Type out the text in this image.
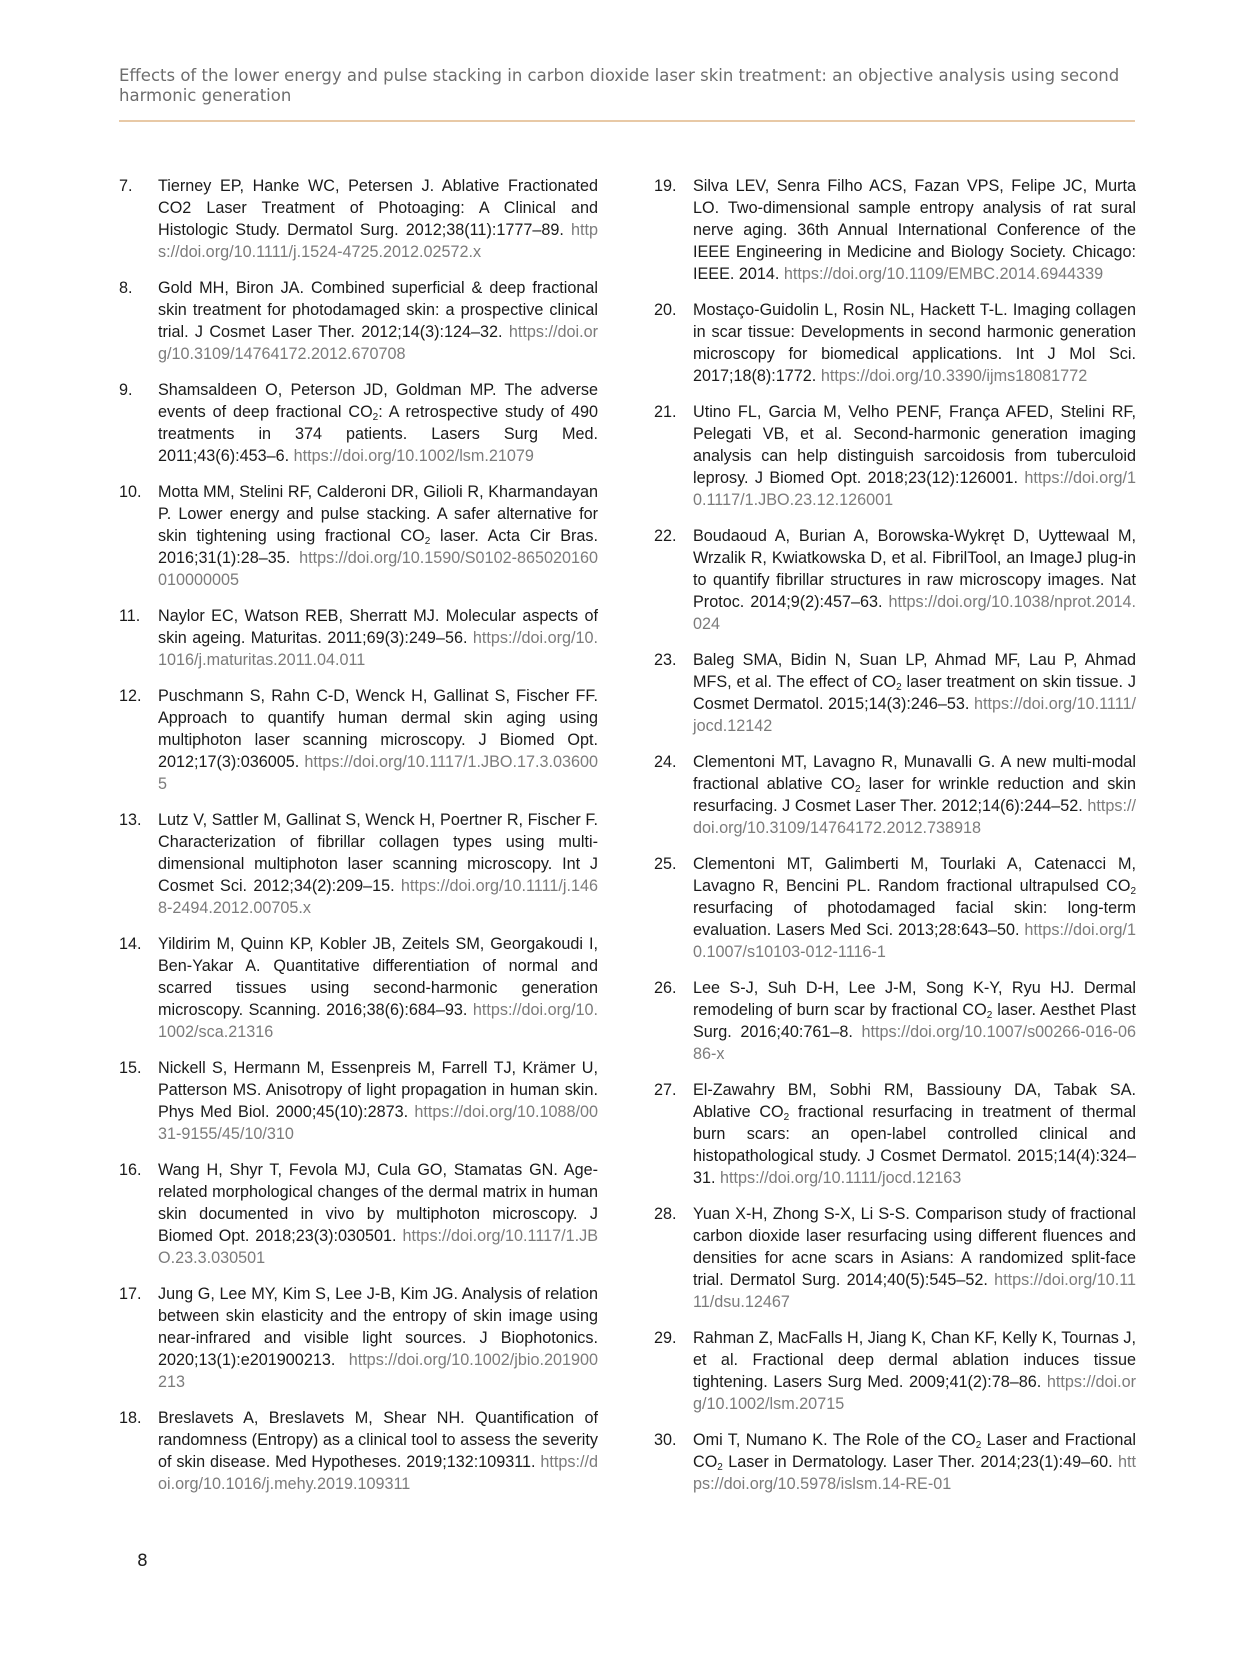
Effects of the lower energy and pulse stacking in carbon dioxide laser skin treatment: an objective analysis using second harmonic generation
7. Tierney EP, Hanke WC, Petersen J. Ablative Fractionated CO2 Laser Treatment of Photoaging: A Clinical and Histologic Study. Dermatol Surg. 2012;38(11):1777–89. https://doi.org/10.1111/j.1524-4725.2012.02572.x
8. Gold MH, Biron JA. Combined superficial & deep fractional skin treatment for photodamaged skin: a prospective clinical trial. J Cosmet Laser Ther. 2012;14(3):124–32. https://doi.org/10.3109/14764172.2012.670708
9. Shamsaldeen O, Peterson JD, Goldman MP. The adverse events of deep fractional $CO_2$: A retrospective study of 490 treatments in 374 patients. Lasers Surg Med. 2011;43(6):453–6. https://doi.org/10.1002/lsm.21079
10. Motta MM, Stelini RF, Calderoni DR, Gilioli R, Kharmandayan P. Lower energy and pulse stacking. A safer alternative for skin tightening using fractional $CO_2$ laser. Acta Cir Bras. 2016;31(1):28–35. https://doi.org/10.1590/S0102-865020160010000005
11. Naylor EC, Watson REB, Sherratt MJ. Molecular aspects of skin ageing. Maturitas. 2011;69(3):249–56. https://doi.org/10.1016/j.maturitas.2011.04.011
12. Puschmann S, Rahn C-D, Wenck H, Gallinat S, Fischer FF. Approach to quantify human dermal skin aging using multiphoton laser scanning microscopy. J Biomed Opt. 2012;17(3):036005. https://doi.org/10.1117/1.JBO.17.3.036005
13. Lutz V, Sattler M, Gallinat S, Wenck H, Poertner R, Fischer F. Characterization of fibrillar collagen types using multi-dimensional multiphoton laser scanning microscopy. Int J Cosmet Sci. 2012;34(2):209–15. https://doi.org/10.1111/j.1468-2494.2012.00705.x
14. Yildirim M, Quinn KP, Kobler JB, Zeitels SM, Georgakoudi I, Ben-Yakar A. Quantitative differentiation of normal and scarred tissues using second-harmonic generation microscopy. Scanning. 2016;38(6):684–93. https://doi.org/10.1002/sca.21316
15. Nickell S, Hermann M, Essenpreis M, Farrell TJ, Krämer U, Patterson MS. Anisotropy of light propagation in human skin. Phys Med Biol. 2000;45(10):2873. https://doi.org/10.1088/0031-9155/45/10/310
16. Wang H, Shyr T, Fevola MJ, Cula GO, Stamatas GN. Age-related morphological changes of the dermal matrix in human skin documented in vivo by multiphoton microscopy. J Biomed Opt. 2018;23(3):030501. https://doi.org/10.1117/1.JBO.23.3.030501
17. Jung G, Lee MY, Kim S, Lee J-B, Kim JG. Analysis of relation between skin elasticity and the entropy of skin image using near-infrared and visible light sources. J Biophotonics. 2020;13(1):e201900213. https://doi.org/10.1002/jbio.201900213
18. Breslavets A, Breslavets M, Shear NH. Quantification of randomness (Entropy) as a clinical tool to assess the severity of skin disease. Med Hypotheses. 2019;132:109311. https://doi.org/10.1016/j.mehy.2019.109311
19. Silva LEV, Senra Filho ACS, Fazan VPS, Felipe JC, Murta LO. Two-dimensional sample entropy analysis of rat sural nerve aging. 36th Annual International Conference of the IEEE Engineering in Medicine and Biology Society. Chicago: IEEE. 2014. https://doi.org/10.1109/EMBC.2014.6944339
20. Mostaço-Guidolin L, Rosin NL, Hackett T-L. Imaging collagen in scar tissue: Developments in second harmonic generation microscopy for biomedical applications. Int J Mol Sci. 2017;18(8):1772. https://doi.org/10.3390/ijms18081772
21. Utino FL, Garcia M, Velho PENF, França AFED, Stelini RF, Pelegati VB, et al. Second-harmonic generation imaging analysis can help distinguish sarcoidosis from tuberculoid leprosy. J Biomed Opt. 2018;23(12):126001. https://doi.org/10.1117/1.JBO.23.12.126001
22. Boudaoud A, Burian A, Borowska-Wykręt D, Uyttewaal M, Wrzalik R, Kwiatkowska D, et al. FibrilTool, an ImageJ plug-in to quantify fibrillar structures in raw microscopy images. Nat Protoc. 2014;9(2):457–63. https://doi.org/10.1038/nprot.2014.024
23. Baleg SMA, Bidin N, Suan LP, Ahmad MF, Lau P, Ahmad MFS, et al. The effect of $CO_2$ laser treatment on skin tissue. J Cosmet Dermatol. 2015;14(3):246–53. https://doi.org/10.1111/jocd.12142
24. Clementoni MT, Lavagno R, Munavalli G. A new multi-modal fractional ablative $CO_2$ laser for wrinkle reduction and skin resurfacing. J Cosmet Laser Ther. 2012;14(6):244–52. https://doi.org/10.3109/14764172.2012.738918
25. Clementoni MT, Galimberti M, Tourlaki A, Catenacci M, Lavagno R, Bencini PL. Random fractional ultrapulsed $CO_2$ resurfacing of photodamaged facial skin: long-term evaluation. Lasers Med Sci. 2013;28:643–50. https://doi.org/10.1007/s10103-012-1116-1
26. Lee S-J, Suh D-H, Lee J-M, Song K-Y, Ryu HJ. Dermal remodeling of burn scar by fractional $CO_2$ laser. Aesthet Plast Surg. 2016;40:761–8. https://doi.org/10.1007/s00266-016-0686-x
27. El-Zawahry BM, Sobhi RM, Bassiouny DA, Tabak SA. Ablative $CO_2$ fractional resurfacing in treatment of thermal burn scars: an open-label controlled clinical and histopathological study. J Cosmet Dermatol. 2015;14(4):324–31. https://doi.org/10.1111/jocd.12163
28. Yuan X-H, Zhong S-X, Li S-S. Comparison study of fractional carbon dioxide laser resurfacing using different fluences and densities for acne scars in Asians: A randomized split-face trial. Dermatol Surg. 2014;40(5):545–52. https://doi.org/10.1111/dsu.12467
29. Rahman Z, MacFalls H, Jiang K, Chan KF, Kelly K, Tournas J, et al. Fractional deep dermal ablation induces tissue tightening. Lasers Surg Med. 2009;41(2):78–86. https://doi.org/10.1002/lsm.20715
30. Omi T, Numano K. The Role of the $CO_2$ Laser and Fractional $CO_2$ Laser in Dermatology. Laser Ther. 2014;23(1):49–60. https://doi.org/10.5978/islsm.14-RE-01
8
